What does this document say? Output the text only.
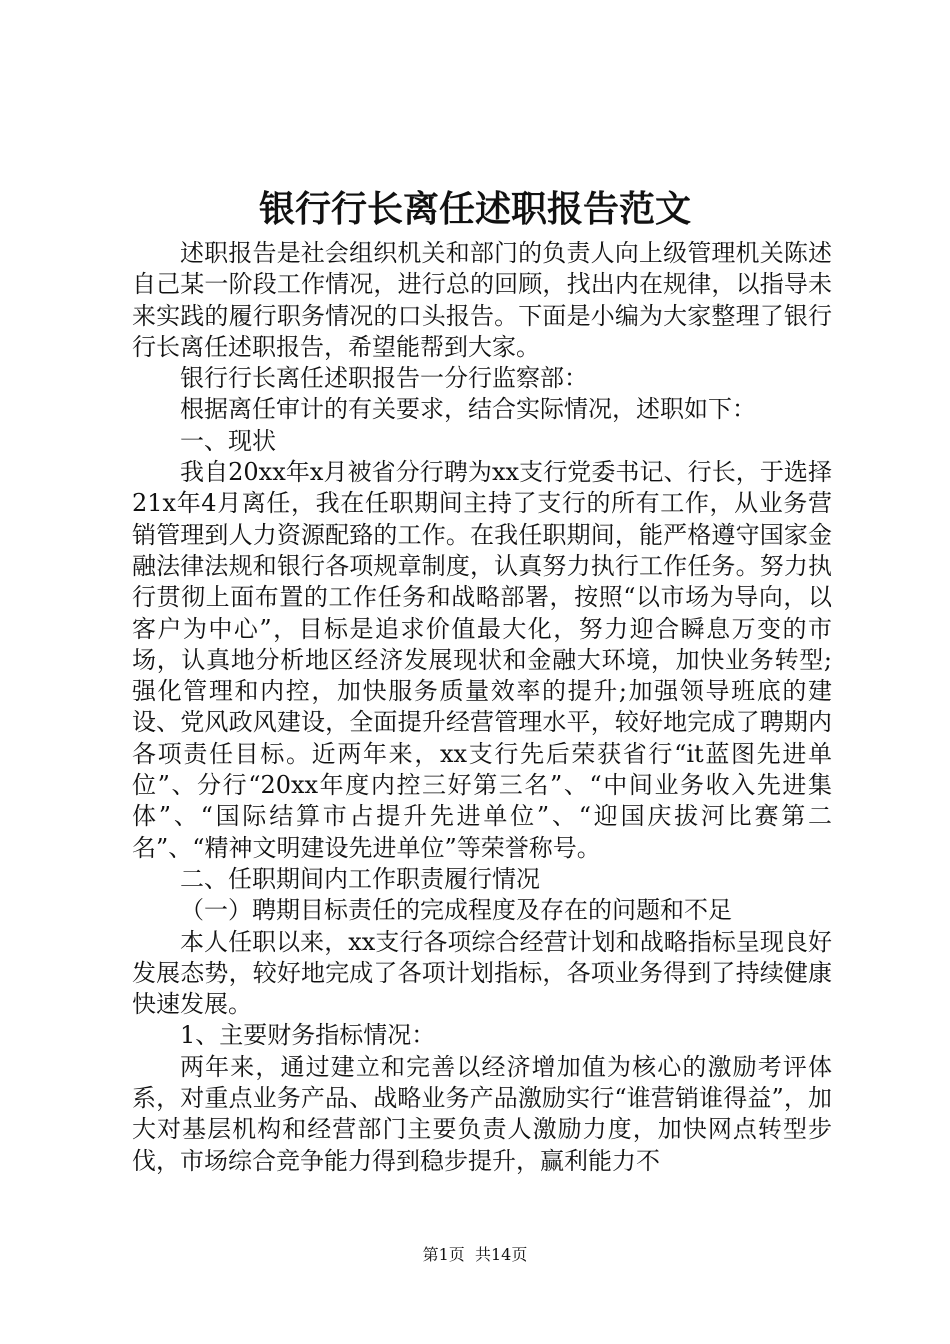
银行行长离任述职报告范文

述职报告是社会组织机关和部门的负责人向上级管理机关陈述自己某一阶段工作情况，进行总的回顾，找出内在规律，以指导未来实践的履行职务情况的口头报告。下面是小编为大家整理了银行行长离任述职报告，希望能帮到大家。

银行行长离任述职报告一分行监察部：

根据离任审计的有关要求，结合实际情况，述职如下：

一、现状

我自20xx年x月被省分行聘为xx支行党委书记、行长，于选择21x年4月离任，我在任职期间主持了支行的所有工作，从业务营销管理到人力资源配臵的工作。在我任职期间，能严格遵守国家金融法律法规和银行各项规章制度，认真努力执行工作任务。努力执行贯彻上面布置的工作任务和战略部署，按照“以市场为导向，以客户为中心”，目标是追求价值最大化，努力迎合瞬息万变的市场，认真地分析地区经济发展现状和金融大环境，加快业务转型;强化管理和内控，加快服务质量效率的提升;加强领导班底的建设、党风政风建设，全面提升经营管理水平，较好地完成了聘期内各项责任目标。近两年来，xx支行先后荣获省行“it蓝图先进单位”、分行“20xx年度内控三好第三名”、“中间业务收入先进集体”、“国际结算市占提升先进单位”、“迎国庆拔河比赛第二名”、“精神文明建设先进单位”等荣誉称号。

二、任职期间内工作职责履行情况

（一）聘期目标责任的完成程度及存在的问题和不足

本人任职以来，xx支行各项综合经营计划和战略指标呈现良好发展态势，较好地完成了各项计划指标，各项业务得到了持续健康快速发展。

1、主要财务指标情况：

两年来，通过建立和完善以经济增加值为核心的激励考评体系，对重点业务产品、战略业务产品激励实行“谁营销谁得益”，加大对基层机构和经营部门主要负责人激励力度，加快网点转型步伐，市场综合竞争能力得到稳步提升，赢利能力不

第1页 共14页
